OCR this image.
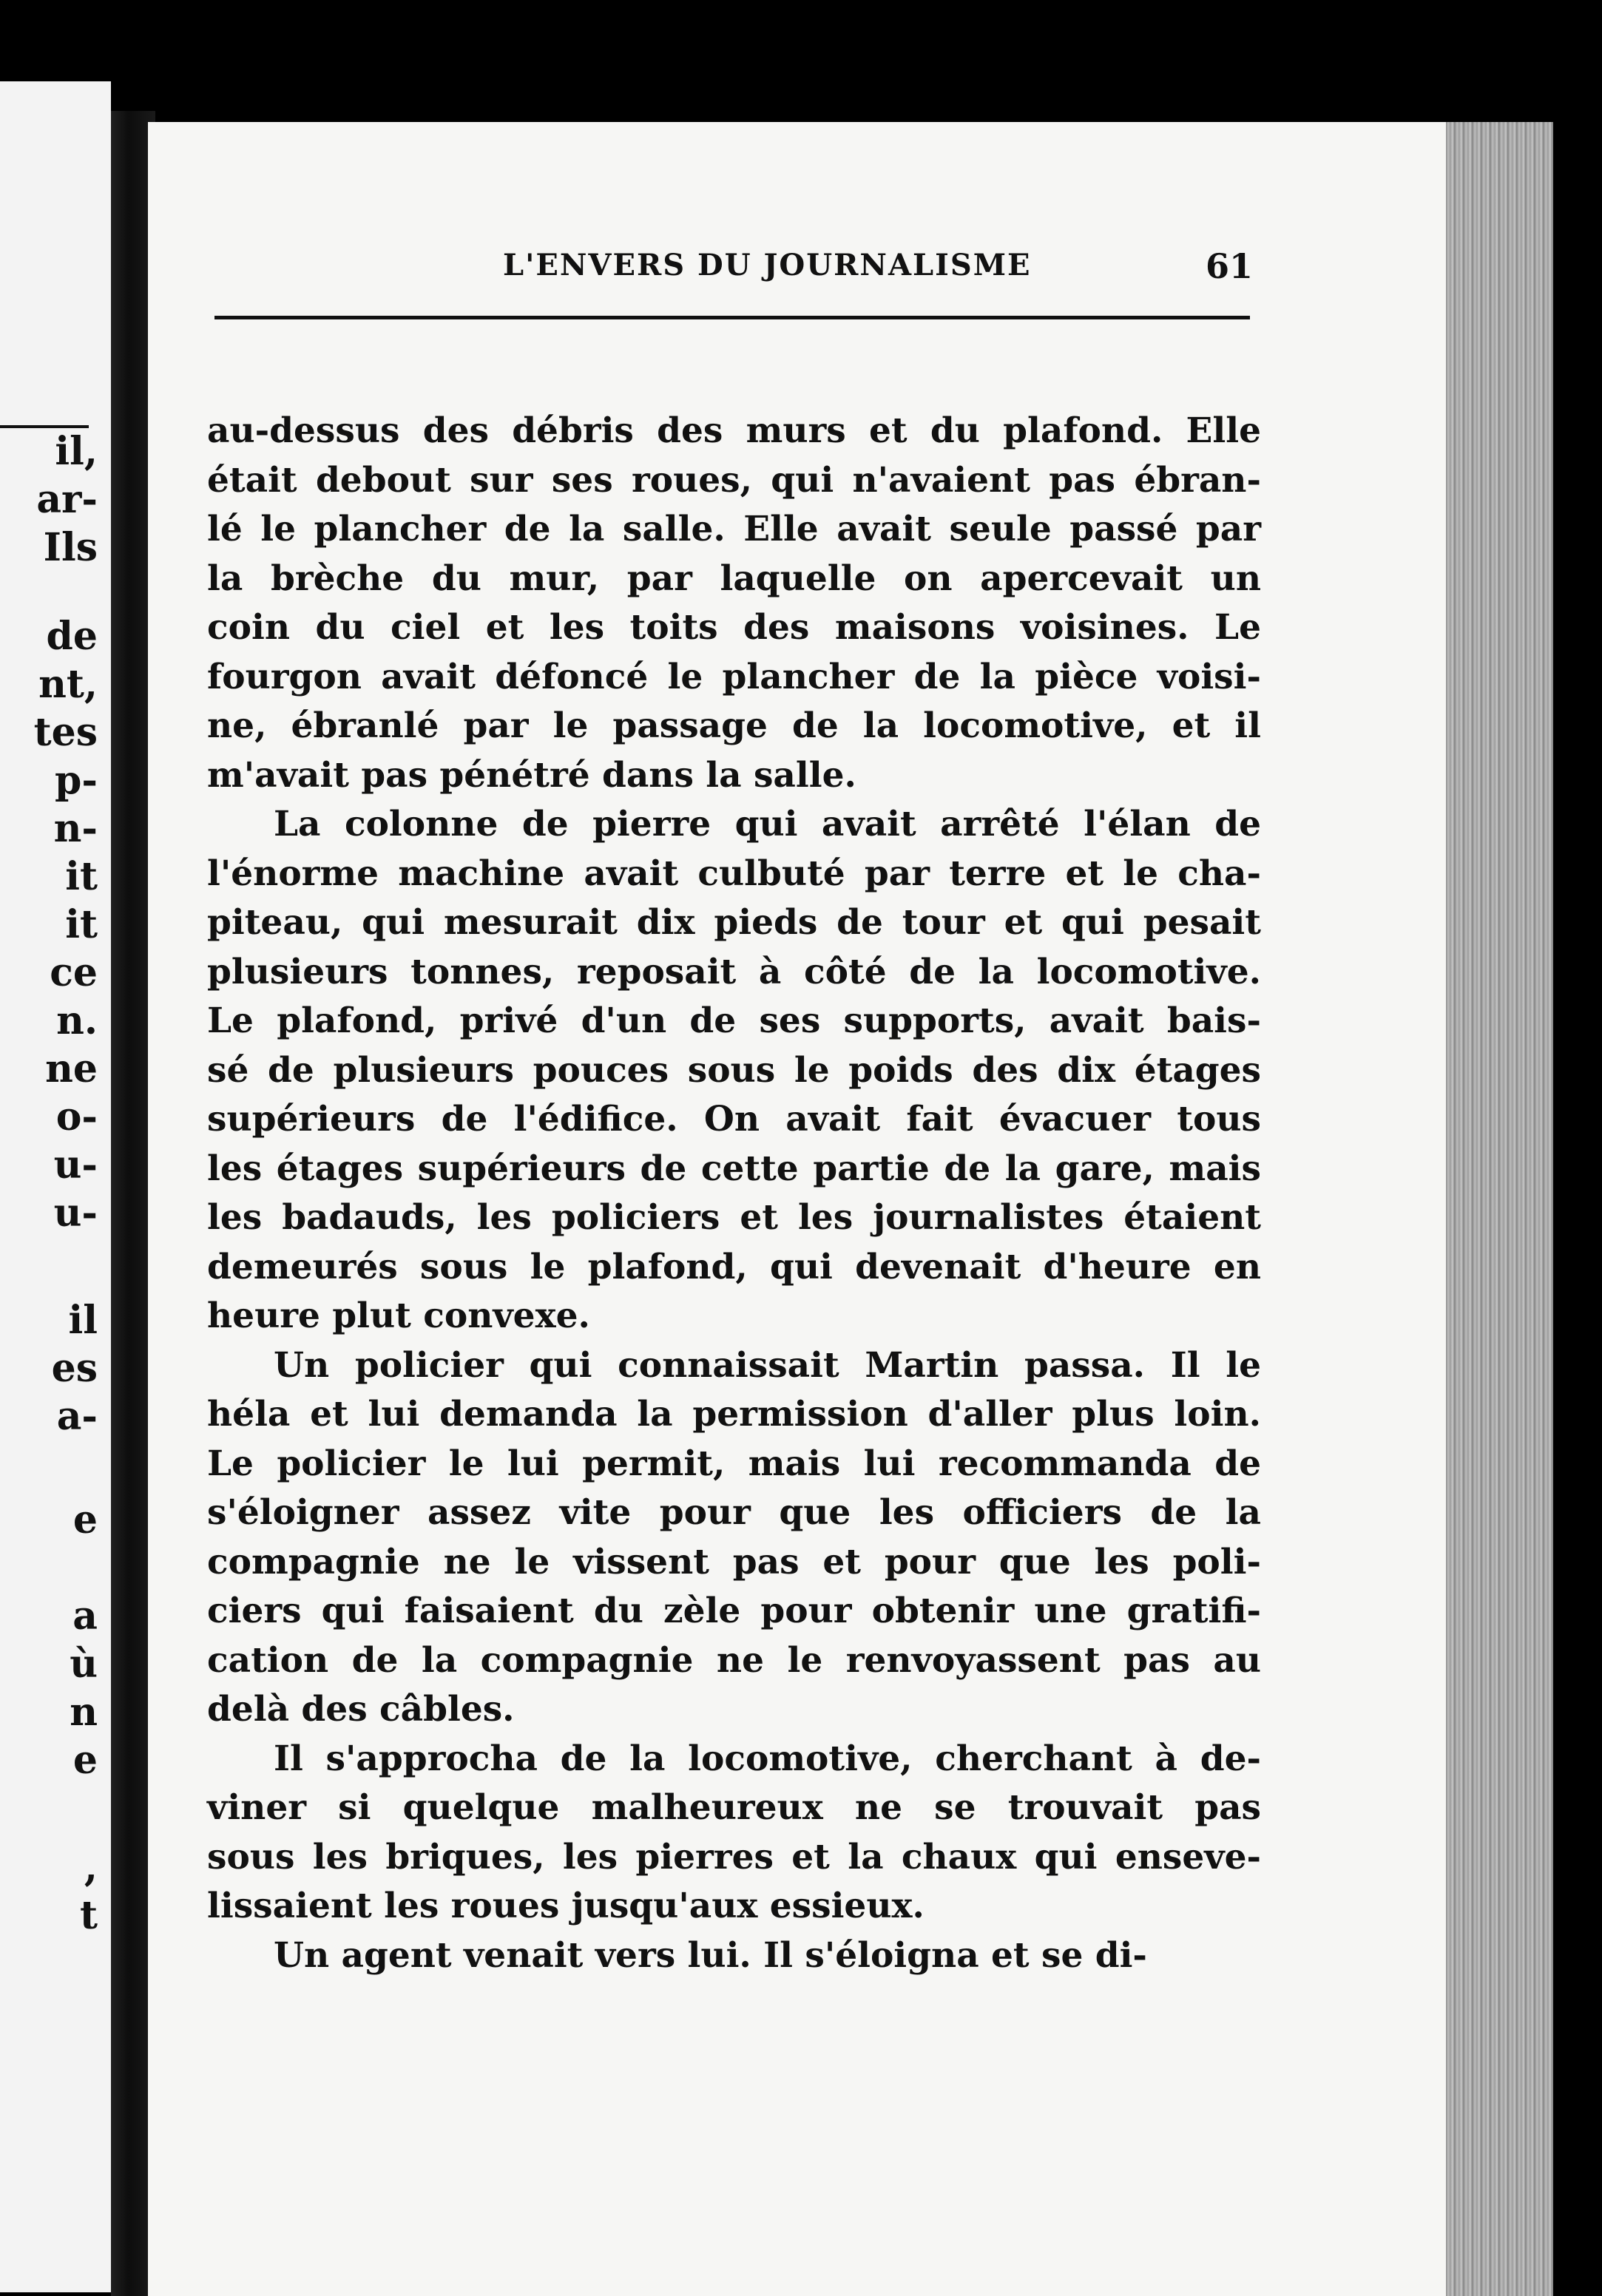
il,
ar-
Ils
de
nt,
tes
p-
n-
it
it
ce
n.
ne
o-
u-
u-
il
es
a-
e
a
ù
n
e
,
t
L'ENVERS DU JOURNALISME	61
au-dessus des débris des murs et du plafond. Elle
était debout sur ses roues, qui n'avaient pas ébran-
lé le plancher de la salle. Elle avait seule passé par
la brèche du mur, par laquelle on apercevait un
coin du ciel et les toits des maisons voisines. Le
fourgon avait défoncé le plancher de la pièce voisi-
ne, ébranlé par le passage de la locomotive, et il
m'avait pas pénétré dans la salle.
La colonne de pierre qui avait arrêté l'élan de
l'énorme machine avait culbuté par terre et le cha-
piteau, qui mesurait dix pieds de tour et qui pesait
plusieurs tonnes, reposait à côté de la locomotive.
Le plafond, privé d'un de ses supports, avait bais-
sé de plusieurs pouces sous le poids des dix étages
supérieurs de l'édifice. On avait fait évacuer tous
les étages supérieurs de cette partie de la gare, mais
les badauds, les policiers et les journalistes étaient
demeurés sous le plafond, qui devenait d'heure en
heure plut convexe.
Un policier qui connaissait Martin passa. Il le
héla et lui demanda la permission d'aller plus loin.
Le policier le lui permit, mais lui recommanda de
s'éloigner assez vite pour que les officiers de la
compagnie ne le vissent pas et pour que les poli-
ciers qui faisaient du zèle pour obtenir une gratifi-
cation de la compagnie ne le renvoyassent pas au
delà des câbles.
Il s'approcha de la locomotive, cherchant à de-
viner si quelque malheureux ne se trouvait pas
sous les briques, les pierres et la chaux qui enseve-
lissaient les roues jusqu'aux essieux.
Un agent venait vers lui. Il s'éloigna et se di-
